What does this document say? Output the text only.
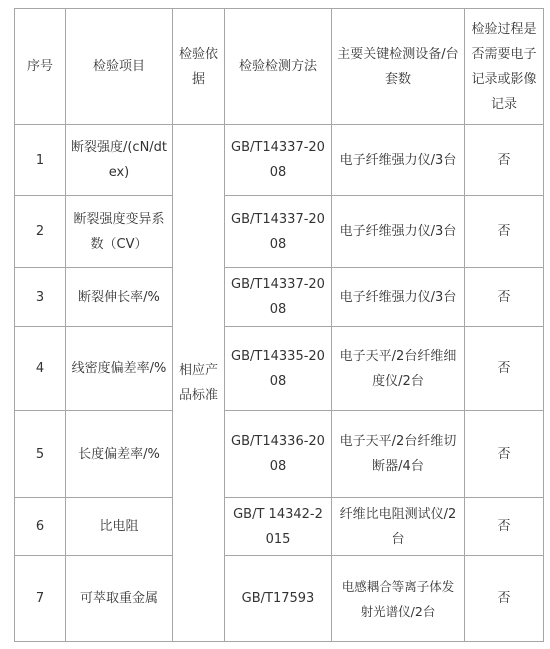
序号	检验项目	检验依据	检验检测方法	主要关键检测设备/台套数	检验过程是否需要电子记录或影像记录
1	断裂强度/(cN/dtex)	相应产品标准	GB/T14337-2008	电子纤维强力仪/3台	否
2	断裂强度变异系数（CV）		GB/T14337-2008	电子纤维强力仪/3台	否
3	断裂伸长率/%		GB/T14337-2008	电子纤维强力仪/3台	否
4	线密度偏差率/%		GB/T14335-2008	电子天平/2台纤维细度仪/2台	否
5	长度偏差率/%		GB/T14336-2008	电子天平/2台纤维切断器/4台	否
6	比电阻		GB/T 14342-2015	纤维比电阻测试仪/2台	否
7	可萃取重金属		GB/T17593	电感耦合等离子体发射光谱仪/2台	否
